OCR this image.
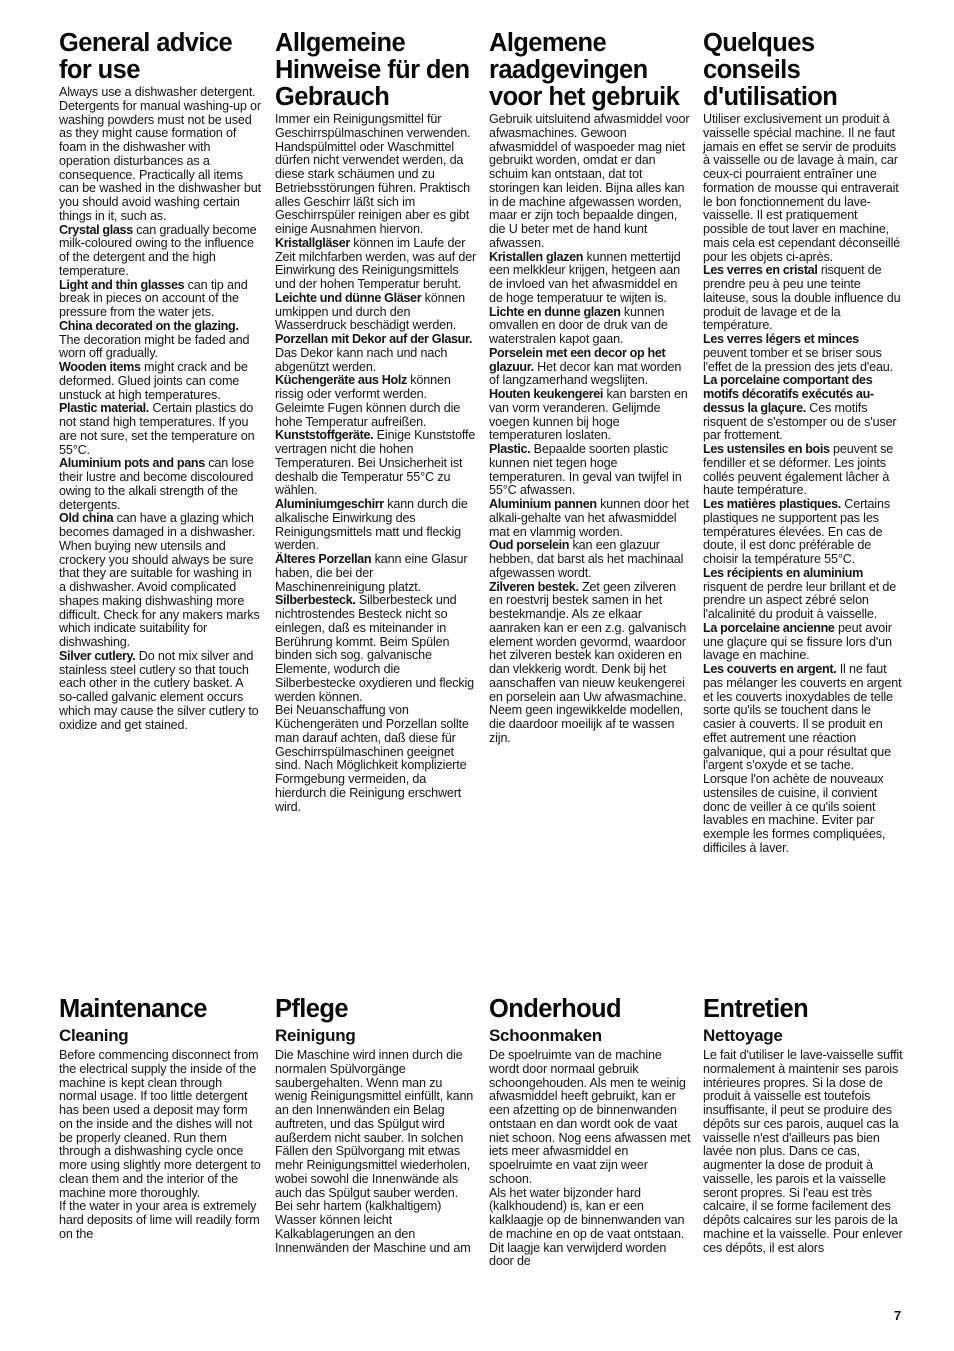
General advice for use

Always use a dishwasher detergent. Detergents for manual washing-up or washing powders must not be used as they might cause formation of foam in the dishwasher with operation disturbances as a consequence. Practically all items can be washed in the dishwasher but you should avoid washing certain things in it, such as.

Crystal glass can gradually become milk-coloured owing to the influence of the detergent and the high temperature.

Light and thin glasses can tip and break in pieces on account of the pressure from the water jets.

China decorated on the glazing. The decoration might be faded and worn off gradually.

Wooden items might crack and be deformed. Glued joints can come unstuck at high temperatures.

Plastic material. Certain plastics do not stand high temperatures. If you are not sure, set the temperature on 55°C.

Aluminium pots and pans can lose their lustre and become discoloured owing to the alkali strength of the detergents.

Old china can have a glazing which becomes damaged in a dishwasher.

When buying new utensils and crockery you should always be sure that they are suitable for washing in a dishwasher. Avoid complicated shapes making dishwashing more difficult. Check for any makers marks which indicate suitability for dishwashing.

Silver cutlery. Do not mix silver and stainless steel cutlery so that touch each other in the cutlery basket. A so-called galvanic element occurs which may cause the silver cutlery to oxidize and get stained.

Allgemeine Hinweise für den Gebrauch

Immer ein Reinigungsmittel für Geschirrspülmaschinen verwenden. Handspülmittel oder Waschmittel dürfen nicht verwendet werden, da diese stark schäumen und zu Betriebsstörungen führen. Praktisch alles Geschirr läßt sich im Geschirrspüler reinigen aber es gibt einige Ausnahmen hiervon.

Kristallgläser können im Laufe der Zeit milchfarben werden, was auf der Einwirkung des Reinigungsmittels und der hohen Temperatur beruht.

Leichte und dünne Gläser können umkippen und durch den Wasserdruck beschädigt werden.

Porzellan mit Dekor auf der Glasur. Das Dekor kann nach und nach abgenützt werden.

Küchengeräte aus Holz können rissig oder verformt werden. Geleimte Fugen können durch die hohe Temperatur aufreißen.

Kunststoffgeräte. Einige Kunststoffe vertragen nicht die hohen Temperaturen. Bei Unsicherheit ist deshalb die Temperatur 55°C zu wählen.

Aluminiumgeschirr kann durch die alkalische Einwirkung des Reinigungsmittels matt und fleckig werden.

Älteres Porzellan kann eine Glasur haben, die bei der Maschinenreinigung platzt.

Silberbesteck. Silberbesteck und nichtrostendes Besteck nicht so einlegen, daß es miteinander in Berührung kommt. Beim Spülen binden sich sog. galvanische Elemente, wodurch die Silberbestecke oxydieren und fleckig werden können.

Bei Neuanschaffung von Küchengeräten und Porzellan sollte man darauf achten, daß diese für Geschirrspülmaschinen geeignet sind. Nach Möglichkeit komplizierte Formgebung vermeiden, da hierdurch die Reinigung erschwert wird.

Algemene raadgevingen voor het gebruik

Gebruik uitsluitend afwasmiddel voor afwasmachines. Gewoon afwasmiddel of waspoeder mag niet gebruikt worden, omdat er dan schuim kan ontstaan, dat tot storingen kan leiden. Bijna alles kan in de machine afgewassen worden, maar er zijn toch bepaalde dingen, die U beter met de hand kunt afwassen.

Kristallen glazen kunnen mettertijd een melkkleur krijgen, hetgeen aan de invloed van het afwasmiddel en de hoge temperatuur te wijten is.

Lichte en dunne glazen kunnen omvallen en door de druk van de waterstralen kapot gaan.

Porselein met een decor op het glazuur. Het decor kan mat worden of langzamerhand wegslijten.

Houten keukengerei kan barsten en van vorm veranderen. Gelijmde voegen kunnen bij hoge temperaturen loslaten.

Plastic. Bepaalde soorten plastic kunnen niet tegen hoge temperaturen. In geval van twijfel in 55°C afwassen.

Aluminium pannen kunnen door het alkali-gehalte van het afwasmiddel mat en vlammig worden.

Oud porselein kan een glazuur hebben, dat barst als het machinaal afgewassen wordt.

Zilveren bestek. Zet geen zilveren en roestvrij bestek samen in het bestekmandje. Als ze elkaar aanraken kan er een z.g. galvanisch element worden gevormd, waardoor het zilveren bestek kan oxideren en dan vlekkerig wordt. Denk bij het aanschaffen van nieuw keukengerei en porselein aan Uw afwasmachine. Neem geen ingewikkelde modellen, die daardoor moeilijk af te wassen zijn.

Quelques conseils d'utilisation

Utiliser exclusivement un produit à vaisselle spécial machine. Il ne faut jamais en effet se servir de produits à vaisselle ou de lavage à main, car ceux-ci pourraient entraîner une formation de mousse qui entraverait le bon fonctionnement du lave-vaisselle. Il est pratiquement possible de tout laver en machine, mais cela est cependant déconseillé pour les objets ci-après.

Les verres en cristal risquent de prendre peu à peu une teinte laiteuse, sous la double influence du produit de lavage et de la température.

Les verres légers et minces peuvent tomber et se briser sous l'effet de la pression des jets d'eau.

La porcelaine comportant des motifs décoratifs exécutés au-dessus la glaçure. Ces motifs risquent de s'estomper ou de s'user par frottement.

Les ustensiles en bois peuvent se fendiller et se déformer. Les joints collés peuvent également lâcher à haute température.

Les matières plastiques. Certains plastiques ne supportent pas les températures élevées. En cas de doute, il est donc préférable de choisir la température 55°C.

Les récipients en aluminium risquent de perdre leur brillant et de prendre un aspect zébré selon l'alcalinité du produit à vaisselle.

La porcelaine ancienne peut avoir une glaçure qui se fissure lors d'un lavage en machine.

Les couverts en argent. Il ne faut pas mélanger les couverts en argent et les couverts inoxydables de telle sorte qu'ils se touchent dans le casier à couverts. Il se produit en effet autrement une réaction galvanique, qui a pour résultat que l'argent s'oxyde et se tache.

Lorsque l'on achète de nouveaux ustensiles de cuisine, il convient donc de veiller à ce qu'ils soient lavables en machine. Eviter par exemple les formes compliquées, difficiles à laver.

Maintenance
Cleaning

Before commencing disconnect from the electrical supply the inside of the machine is kept clean through normal usage. If too little detergent has been used a deposit may form on the inside and the dishes will not be properly cleaned. Run them through a dishwashing cycle once more using slightly more detergent to clean them and the interior of the machine more thoroughly.

If the water in your area is extremely hard deposits of lime will readily form on the

Pflege
Reinigung

Die Maschine wird innen durch die normalen Spülvorgänge saubergehalten. Wenn man zu wenig Reinigungsmittel einfüllt, kann an den Innenwänden ein Belag auftreten, und das Spülgut wird außerdem nicht sauber. In solchen Fällen den Spülvorgang mit etwas mehr Reinigungsmittel wiederholen, wobei sowohl die Innenwände als auch das Spülgut sauber werden.

Bei sehr hartem (kalkhaltigem) Wasser können leicht Kalkablagerungen an den Innenwänden der Maschine und am

Onderhoud
Schoonmaken

De spoelruimte van de machine wordt door normaal gebruik schoongehouden. Als men te weinig afwasmiddel heeft gebruikt, kan er een afzetting op de binnenwanden ontstaan en dan wordt ook de vaat niet schoon. Nog eens afwassen met iets meer afwasmiddel en spoelruimte en vaat zijn weer schoon.

Als het water bijzonder hard (kalkhoudend) is, kan er een kalklaagje op de binnenwanden van de machine en op de vaat ontstaan. Dit laagje kan verwijderd worden door de

Entretien
Nettoyage

Le fait d'utiliser le lave-vaisselle suffit normalement à maintenir ses parois intérieures propres. Si la dose de produit à vaisselle est toutefois insuffisante, il peut se produire des dépôts sur ces parois, auquel cas la vaisselle n'est d'ailleurs pas bien lavée non plus. Dans ce cas, augmenter la dose de produit à vaisselle, les parois et la vaisselle seront propres. Si l'eau est très calcaire, il se forme facilement des dépôts calcaires sur les parois de la machine et la vaisselle. Pour enlever ces dépôts, il est alors

7
